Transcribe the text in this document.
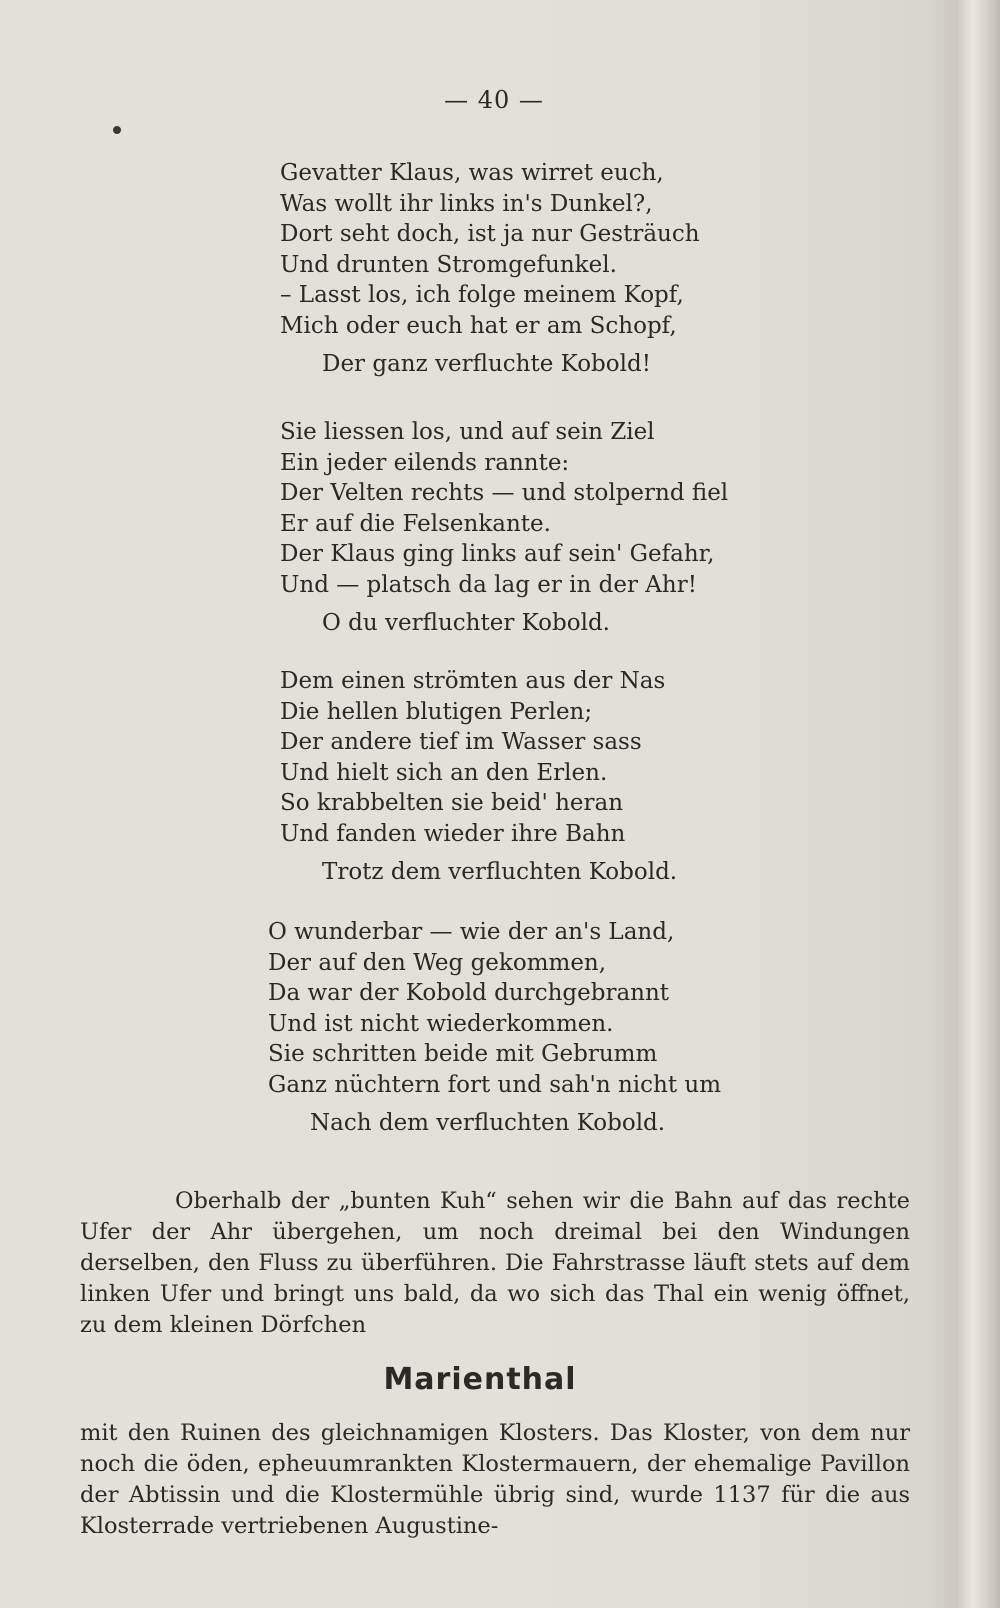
— 40 —
Gevatter Klaus, was wirret euch,
Was wollt ihr links in's Dunkel?,
Dort seht doch, ist ja nur Gesträuch
Und drunten Stromgefunkel.
– Lasst los, ich folge meinem Kopf,
Mich oder euch hat er am Schopf,
Der ganz verfluchte Kobold!
Sie liessen los, und auf sein Ziel
Ein jeder eilends rannte:
Der Velten rechts — und stolpernd fiel
Er auf die Felsenkante.
Der Klaus ging links auf sein' Gefahr,
Und — platsch da lag er in der Ahr!
O du verfluchter Kobold.
Dem einen strömten aus der Nas
Die hellen blutigen Perlen;
Der andere tief im Wasser sass
Und hielt sich an den Erlen.
So krabbelten sie beid' heran
Und fanden wieder ihre Bahn
Trotz dem verfluchten Kobold.
O wunderbar — wie der an's Land,
Der auf den Weg gekommen,
Da war der Kobold durchgebrannt
Und ist nicht wiederkommen.
Sie schritten beide mit Gebrumm
Ganz nüchtern fort und sah'n nicht um
Nach dem verfluchten Kobold.
Oberhalb der „bunten Kuh“ sehen wir die Bahn auf das rechte Ufer der Ahr übergehen, um noch dreimal bei den Windungen derselben, den Fluss zu überführen. Die Fahrstrasse läuft stets auf dem linken Ufer und bringt uns bald, da wo sich das Thal ein wenig öffnet, zu dem kleinen Dörfchen
Marienthal
mit den Ruinen des gleichnamigen Klosters. Das Kloster, von dem nur noch die öden, epheuumrankten Klostermauern, der ehemalige Pavillon der Abtissin und die Klostermühle übrig sind, wurde 1137 für die aus Klosterrade vertriebenen Augustine-
